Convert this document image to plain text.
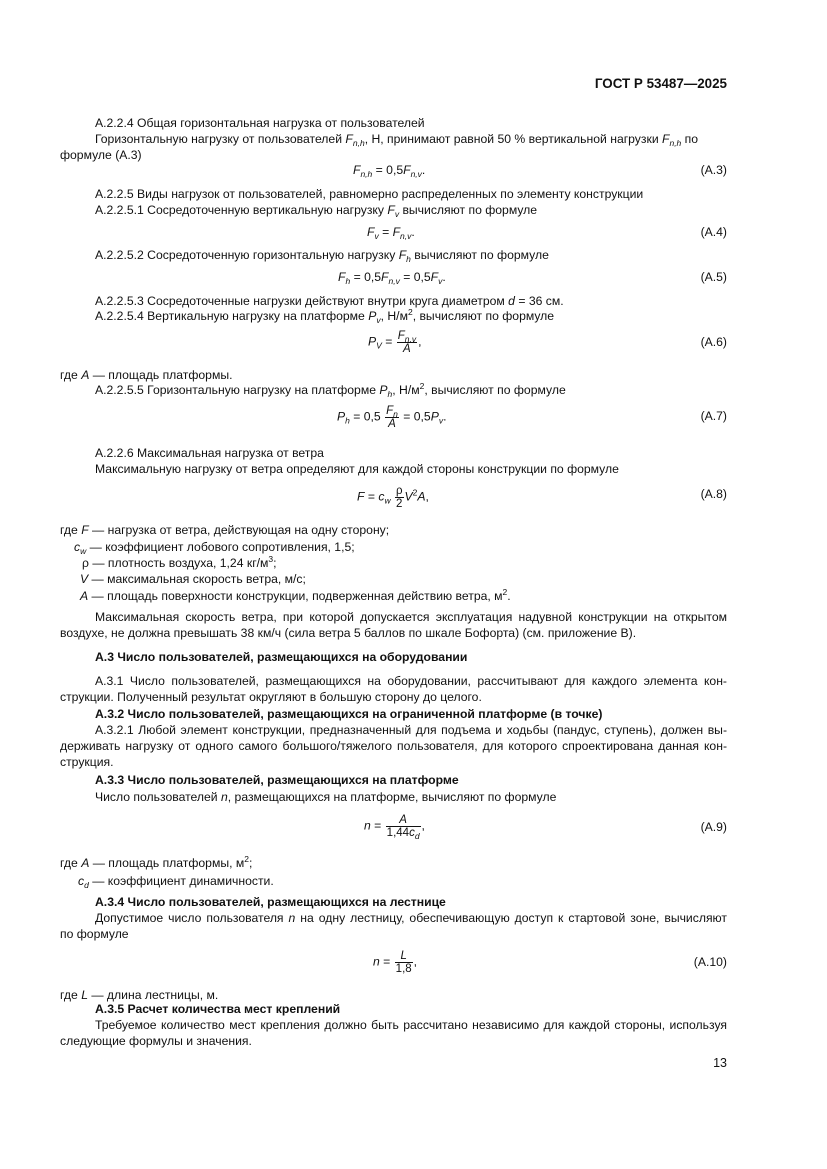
ГОСТ Р 53487—2025
А.2.2.4 Общая горизонтальная нагрузка от пользователей
Горизонтальную нагрузку от пользователей $F_{n,h}$, Н, принимают равной 50 % вертикальной нагрузки $F_{n,h}$ по
формуле (А.3)
$F_{n,h} = 0,5F_{n,v}$.	(А.3)
А.2.2.5 Виды нагрузок от пользователей, равномерно распределенных по элементу конструкции
А.2.2.5.1 Сосредоточенную вертикальную нагрузку $F_v$ вычисляют по формуле
$F_v = F_{n,v}$.	(А.4)
А.2.2.5.2 Сосредоточенную горизонтальную нагрузку $F_h$ вычисляют по формуле
$F_h = 0,5F_{n,v} = 0,5F_v$.	(А.5)
А.2.2.5.3 Сосредоточенные нагрузки действуют внутри круга диаметром d = 36 см.
А.2.2.5.4 Вертикальную нагрузку на платформе $P_v$, $Н/м^2$, вычисляют по формуле
$P_V = \frac{F_{n,v}}{A}$ ,	(А.6)
где A — площадь платформы.
А.2.2.5.5 Горизонтальную нагрузку на платформе $P_h$, $Н/м^2$, вычисляют по формуле
$P_h = 0,5 \frac{F_n}{A} = 0,5P_v$.	(А.7)
А.2.2.6 Максимальная нагрузка от ветра
Максимальную нагрузку от ветра определяют для каждой стороны конструкции по формуле
$F = c_w \frac{\rho}{2} V^2A$,	(А.8)
где F — нагрузка от ветра, действующая на одну сторону;
$c_w$ — коэффициент лобового сопротивления, 1,5;
ρ — плотность воздуха, 1,24 $кг/м^3$;
V — максимальная скорость ветра, м/с;
A — площадь поверхности конструкции, подверженная действию ветра, $м^2$.
Максимальная скорость ветра, при которой допускается эксплуатация надувной конструкции на открытом
воздухе, не должна превышать 38 км/ч (сила ветра 5 баллов по шкале Бофорта) (см. приложение В).
А.3 Число пользователей, размещающихся на оборудовании
А.3.1 Число пользователей, размещающихся на оборудовании, рассчитывают для каждого элемента кон-
струкции. Полученный результат округляют в большую сторону до целого.
А.3.2 Число пользователей, размещающихся на ограниченной платформе (в точке)
А.3.2.1 Любой элемент конструкции, предназначенный для подъема и ходьбы (пандус, ступень), должен вы-
держивать нагрузку от одного самого большого/тяжелого пользователя, для которого спроектирована данная кон-
струкция.
А.3.3 Число пользователей, размещающихся на платформе
Число пользователей n, размещающихся на платформе, вычисляют по формуле
$n = \frac{A}{1,44c_d}$ ,	(А.9)
где A — площадь платформы, $м^2$;
$c_d$ — коэффициент динамичности.
А.3.4 Число пользователей, размещающихся на лестнице
Допустимое число пользователя n на одну лестницу, обеспечивающую доступ к стартовой зоне, вычисляют
по формуле
$n = \frac{L}{1,8}$ ,	(А.10)
где L — длина лестницы, м.
А.3.5 Расчет количества мест креплений
Требуемое количество мест крепления должно быть рассчитано независимо для каждой стороны, используя
следующие формулы и значения.
13
